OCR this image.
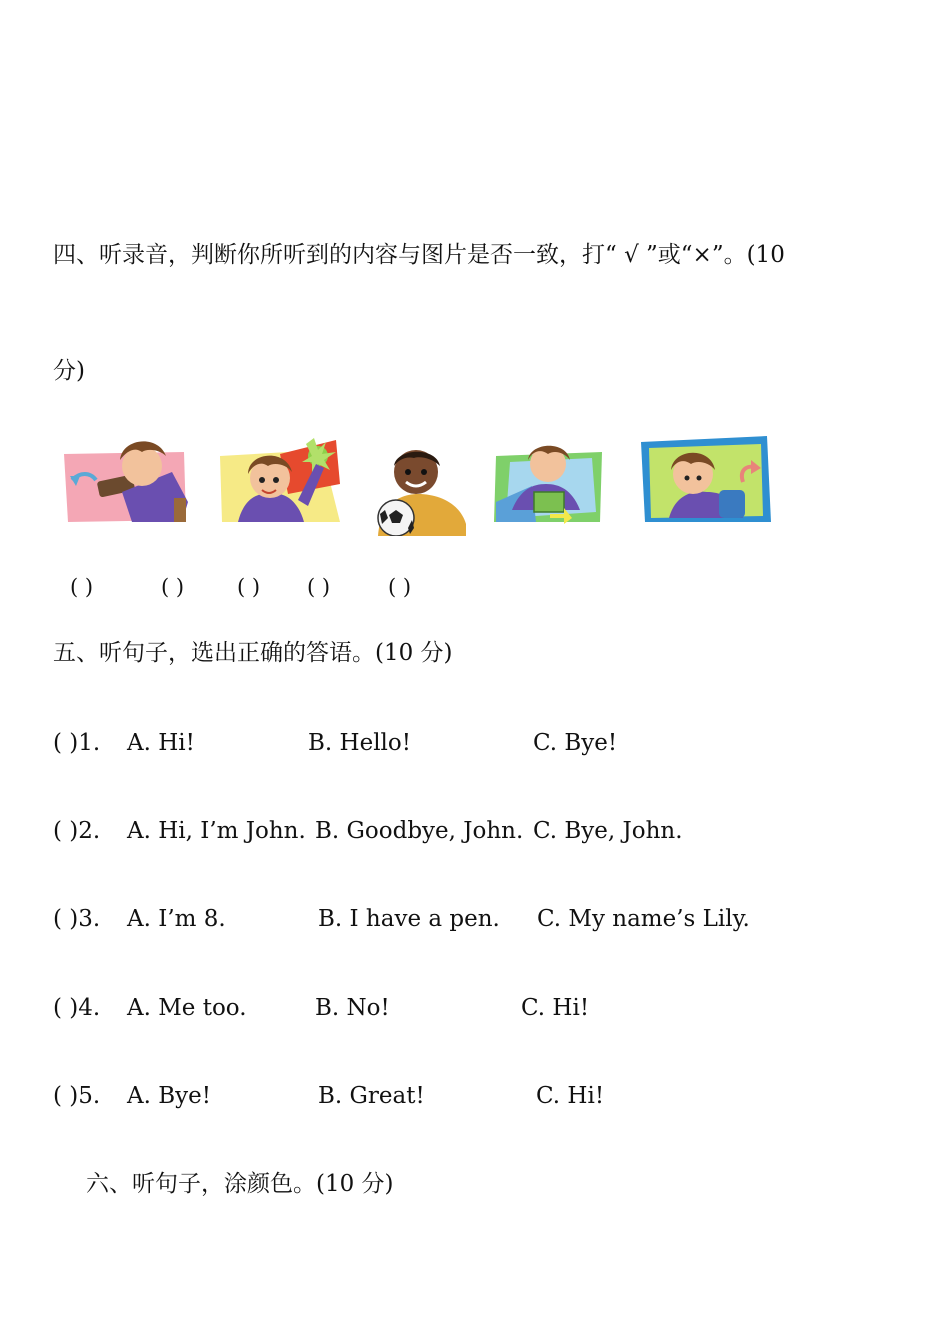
四、听录音，判断你所听到的内容与图片是否一致，打“ √ ”或“×”。(10
分)
( )	( )	( ) ( )	( )
五、听句子，选出正确的答语。(10 分)
( )1. A. Hi!	B. Hello!	C. Bye!
( )2. A. Hi, I’m John. B. Goodbye, John. C. Bye, John.
( )3. A. I’m 8.	B. I have a pen. C. My name’s Lily.
( )4. A. Me too.	B. No!	C. Hi!
( )5. A. Bye!	B. Great!	C. Hi!
六、听句子，涂颜色。(10 分)
